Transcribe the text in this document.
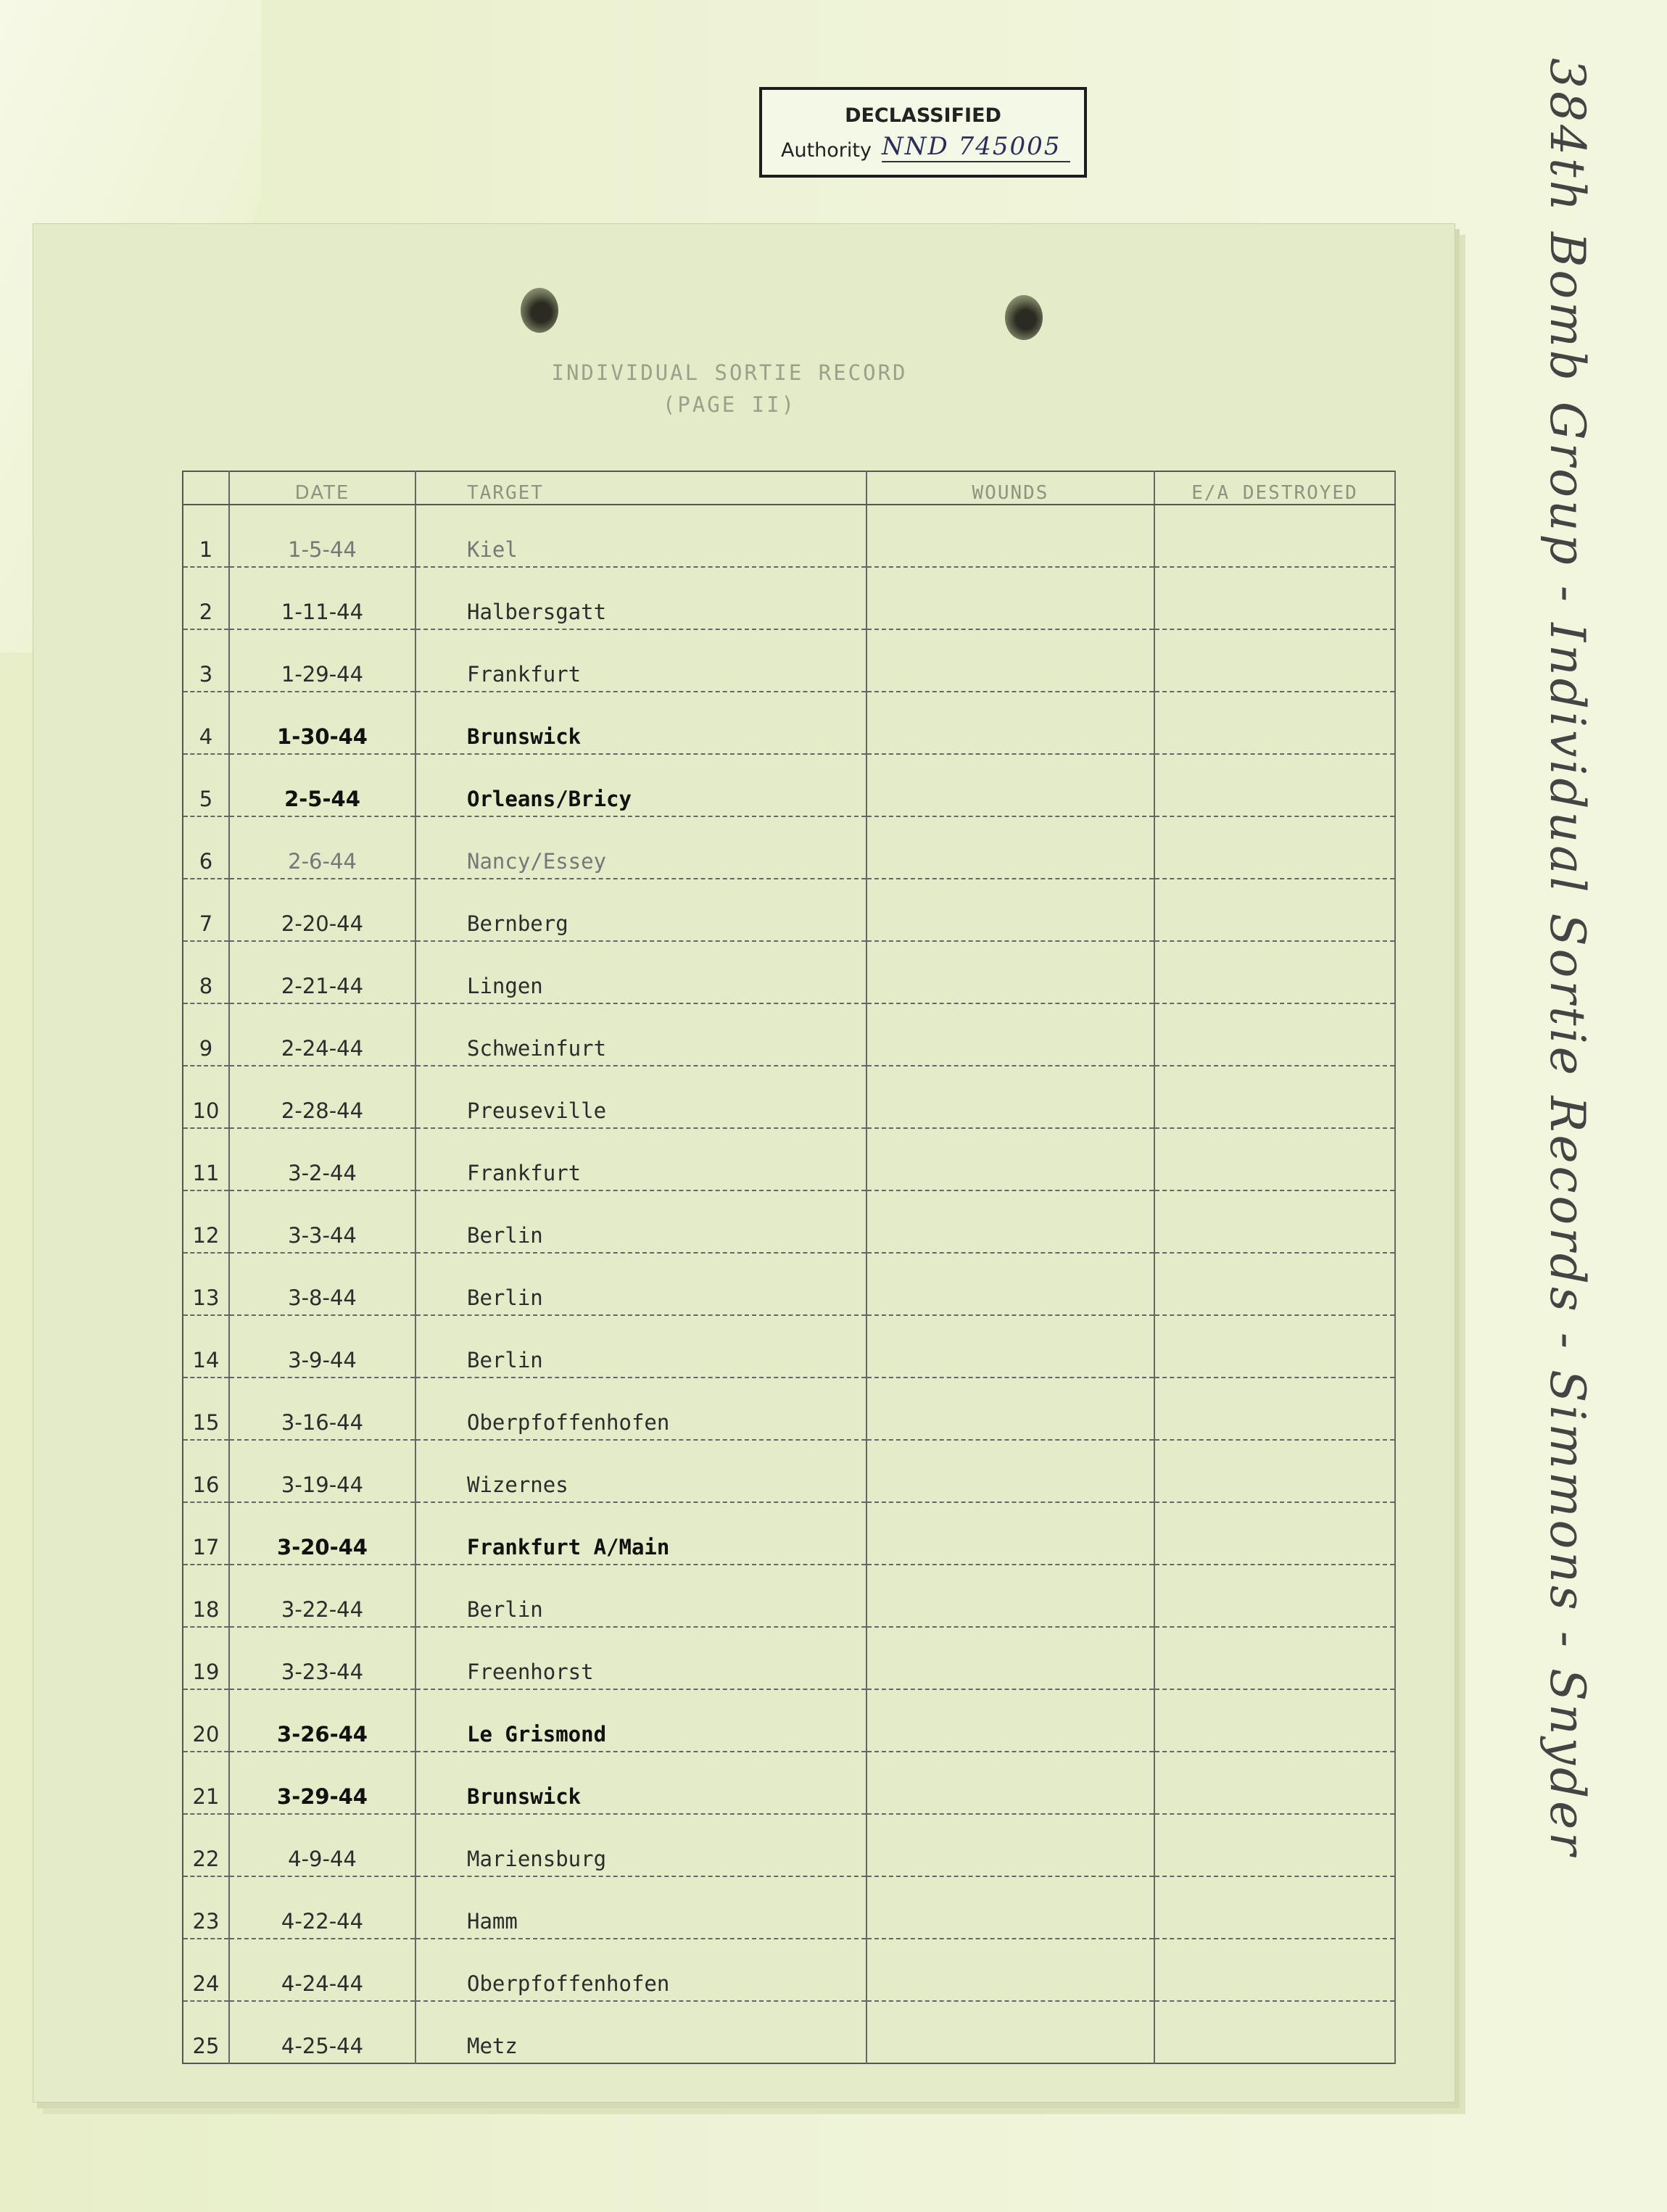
DECLASSIFIED
Authority NND 745005	384th Bomb Group - Individual Sortie Records - Simmons - Snyder
INDIVIDUAL SORTIE RECORD
(PAGE II)
	DATE	TARGET	WOUNDS	E/A DESTROYED
1	1-5-44	Kiel		
2	1-11-44	Halbersgatt		
3	1-29-44	Frankfurt		
4	1-30-44	Brunswick		
5	2-5-44	Orleans/Bricy		
6	2-6-44	Nancy/Essey		
7	2-20-44	Bernberg		
8	2-21-44	Lingen		
9	2-24-44	Schweinfurt		
10	2-28-44	Preuseville		
11	3-2-44	Frankfurt		
12	3-3-44	Berlin		
13	3-8-44	Berlin		
14	3-9-44	Berlin		
15	3-16-44	Oberpfoffenhofen		
16	3-19-44	Wizernes		
17	3-20-44	Frankfurt A/Main		
18	3-22-44	Berlin		
19	3-23-44	Freenhorst		
20	3-26-44	Le Grismond		
21	3-29-44	Brunswick		
22	4-9-44	Mariensburg		
23	4-22-44	Hamm		
24	4-24-44	Oberpfoffenhofen		
25	4-25-44	Metz		
